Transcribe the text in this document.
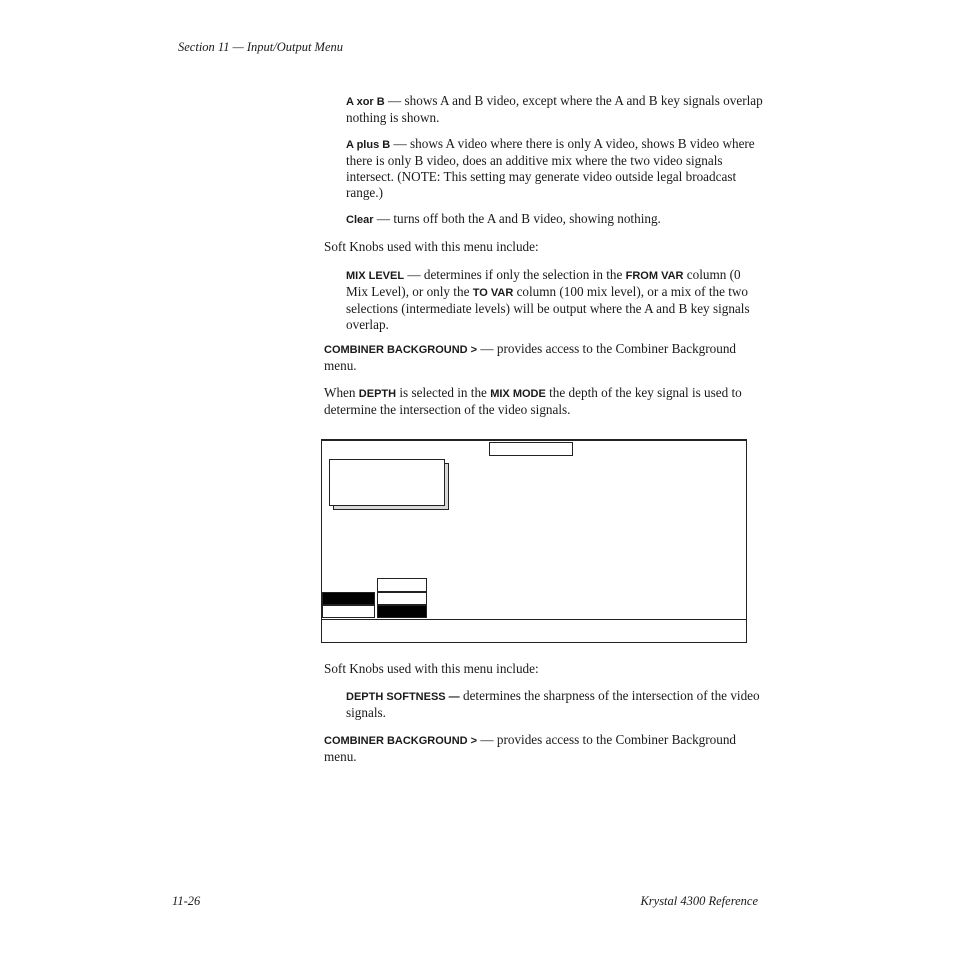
Section 11 — Input/Output Menu
A xor B — shows A and B video, except where the A and B key signals overlap nothing is shown.
A plus B — shows A video where there is only A video, shows B video where there is only B video, does an additive mix where the two video signals intersect. (NOTE: This setting may generate video outside legal broadcast range.)
Clear — turns off both the A and B video, showing nothing.
Soft Knobs used with this menu include:
MIX LEVEL — determines if only the selection in the FROM VAR column (0 Mix Level), or only the TO VAR column (100 mix level), or a mix of the two selections (intermediate levels) will be output where the A and B key signals overlap.
COMBINER BACKGROUND > — provides access to the Combiner Background menu.
When DEPTH is selected in the MIX MODE the depth of the key signal is used to determine the intersection of the video signals.
Soft Knobs used with this menu include:
DEPTH SOFTNESS — determines the sharpness of the intersection of the video signals.
COMBINER BACKGROUND > — provides access to the Combiner Background menu.
11-26	Krystal 4300 Reference
